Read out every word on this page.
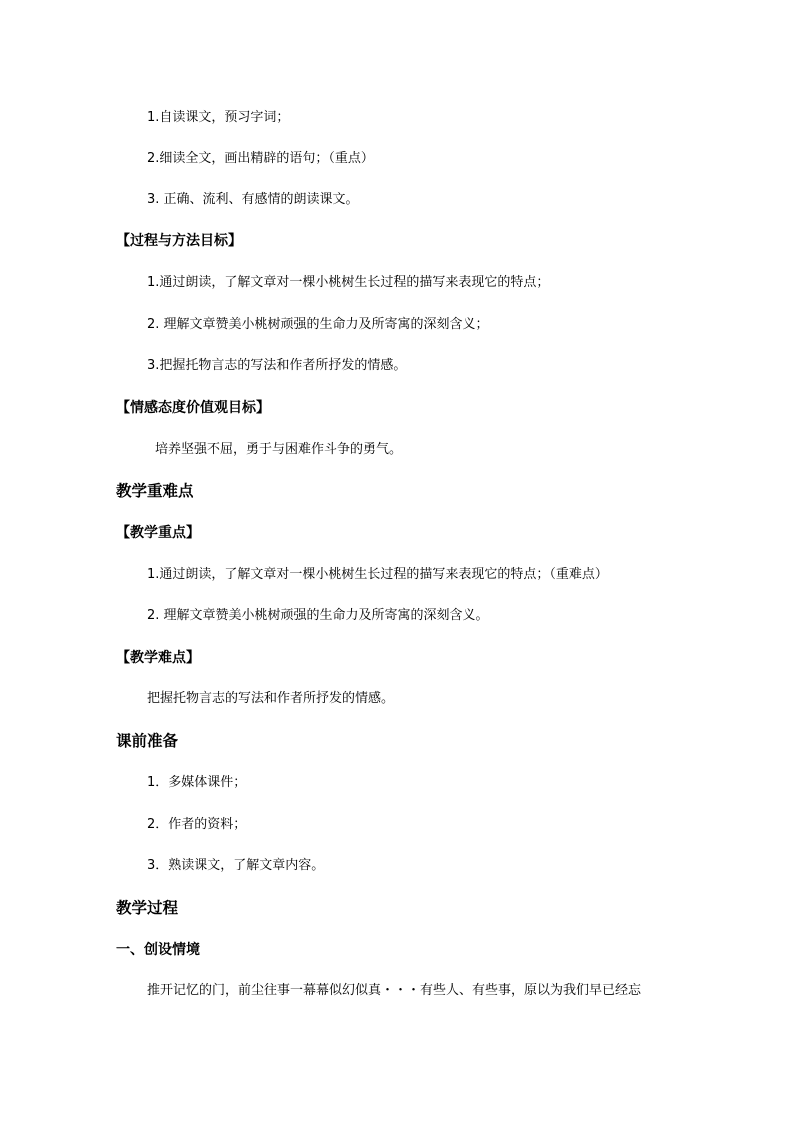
1.自读课文，预习字词；
2.细读全文，画出精辟的语句；（重点）
3. 正确、流利、有感情的朗读课文。
【过程与方法目标】
1.通过朗读，了解文章对一棵小桃树生长过程的描写来表现它的特点；
2. 理解文章赞美小桃树顽强的生命力及所寄寓的深刻含义；
3.把握托物言志的写法和作者所抒发的情感。
【情感态度价值观目标】
培养坚强不屈，勇于与困难作斗争的勇气。
教学重难点
【教学重点】
1.通过朗读，了解文章对一棵小桃树生长过程的描写来表现它的特点；（重难点）
2. 理解文章赞美小桃树顽强的生命力及所寄寓的深刻含义。
【教学难点】
把握托物言志的写法和作者所抒发的情感。
课前准备
1．多媒体课件；
2．作者的资料；
3．熟读课文，了解文章内容。
教学过程
一、创设情境
推开记忆的门，前尘往事一幕幕似幻似真・・・有些人、有些事，原以为我们早已经忘
